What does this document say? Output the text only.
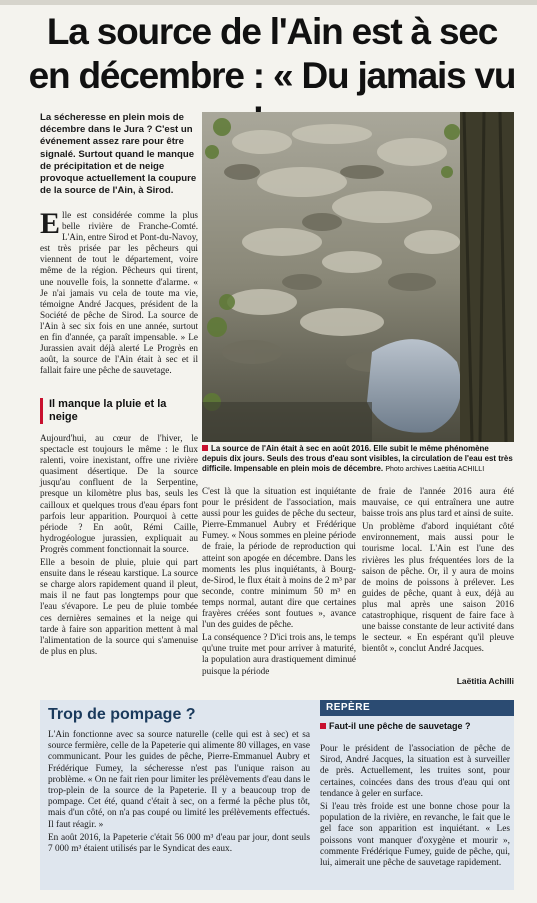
La source de l'Ain est à sec en décembre : « Du jamais vu
La sécheresse en plein mois de décembre dans le Jura ? C'est un événement assez rare pour être signalé. Surtout quand le manque de précipitation et de neige provoque actuellement la coupure de la source de l'Ain, à Sirod.
La source de l'Ain était à sec en août 2016. Elle subit le même phénomène depuis dix jours. Seuls des trous d'eau sont visibles, la circulation de l'eau est très difficile. Impensable en plein mois de décembre. Photo archives Laëtitia ACHILLI

Elle est considérée comme la plus belle rivière de Franche-Comté. L'Ain, entre Sirod et Pont-du-Navoy, est très prisée par les pêcheurs qui viennent de tout le département, voire même de la région. Pêcheurs qui tirent, une nouvelle fois, la sonnette d'alarme. « Je n'ai jamais vu cela de toute ma vie, témoigne André Jacques, président de la Société de pêche de Sirod. La source de l'Ain à sec six fois en une année, surtout en fin d'année, ça paraît impensable. » Le Jurassien avait déjà alerté Le Progrès en août, la source de l'Ain était à sec et il fallait faire une pêche de sauvetage.

Il manque la pluie et la neige

Aujourd'hui, au cœur de l'hiver, le spectacle est toujours le même : le flux ralenti, voire inexistant, offre une rivière quasiment désertique. De la source jusqu'au confluent de la Serpentine, presque un kilomètre plus bas, seuls les cailloux et quelques trous d'eau épars font parfois leur apparition. Pourquoi à cette période ? En août, Rémi Caille, hydrogéologue jurassien, expliquait au Progrès comment fonctionnait la source.

Elle a besoin de pluie, pluie qui part ensuite dans le réseau karstique. La source se charge alors rapidement quand il pleut, mais il ne faut pas longtemps pour que l'eau s'évapore. Le peu de pluie tombée ces dernières semaines et la neige qui tarde à faire son apparition mettent à mal l'alimentation de la source qui s'amenuise de plus en plus.

C'est là que la situation est inquiétante pour le président de l'association, mais aussi pour les guides de pêche du secteur, Pierre-Emmanuel Aubry et Frédérique Fumey. « Nous sommes en pleine période de fraie, la période de reproduction qui atteint son apogée en décembre. Dans les moments les plus inquiétants, à Bourg-de-Sirod, le flux était à moins de 2 m³ par seconde, contre minimum 50 m³ en temps normal, autant dire que certaines frayères créées sont foutues », avance l'un des guides de pêche.

La conséquence ? D'ici trois ans, le temps qu'une truite met pour arriver à maturité, la population aura drastiquement diminué puisque la période

de fraie de l'année 2016 aura été mauvaise, ce qui entraînera une autre baisse trois ans plus tard et ainsi de suite.

Un problème d'abord inquiétant côté environnement, mais aussi pour le tourisme local. L'Ain est l'une des rivières les plus fréquentées lors de la saison de pêche. Or, il y aura de moins de moins de poissons à prélever. Les guides de pêche, quant à eux, déjà au plus mal après une saison 2016 catastrophique, risquent de faire face à une baisse constante de leur activité dans le secteur. « En espérant qu'il pleuve bientôt », conclut André Jacques.

Laëtitia Achilli
Trop de pompage ?

L'Ain fonctionne avec sa source naturelle (celle qui est à sec) et sa source fermière, celle de la Papeterie qui alimente 80 villages, en vase communicant. Pour les guides de pêche, Pierre-Emmanuel Aubry et Frédérique Fumey, la sécheresse n'est pas l'unique raison au problème. « On ne fait rien pour limiter les prélèvements d'eau dans le trop-plein de la source de la Papeterie. Il y a beaucoup trop de pompage. Cet été, quand c'était à sec, on a fermé la pêche plus tôt, mais d'un côté, on n'a pas coupé ou limité les prélèvements effectués. Il faut réagir. »

En août 2016, la Papeterie c'était 56 000 m³ d'eau par jour, dont seuls 7 000 m³ étaient utilisés par le Syndicat des eaux.

REPÈRE
Faut-il une pêche de sauvetage ?

Pour le président de l'association de pêche de Sirod, André Jacques, la situation est à surveiller de près. Actuellement, les truites sont, pour certaines, coincées dans des trous d'eau qui ont tendance à geler en surface.

Si l'eau très froide est une bonne chose pour la population de la rivière, en revanche, le fait que le gel face son apparition est inquiétant. « Les poissons vont manquer d'oxygène et mourir », commente Frédérique Fumey, guide de pêche, qui, lui, aimerait une pêche de sauvetage rapidement.
